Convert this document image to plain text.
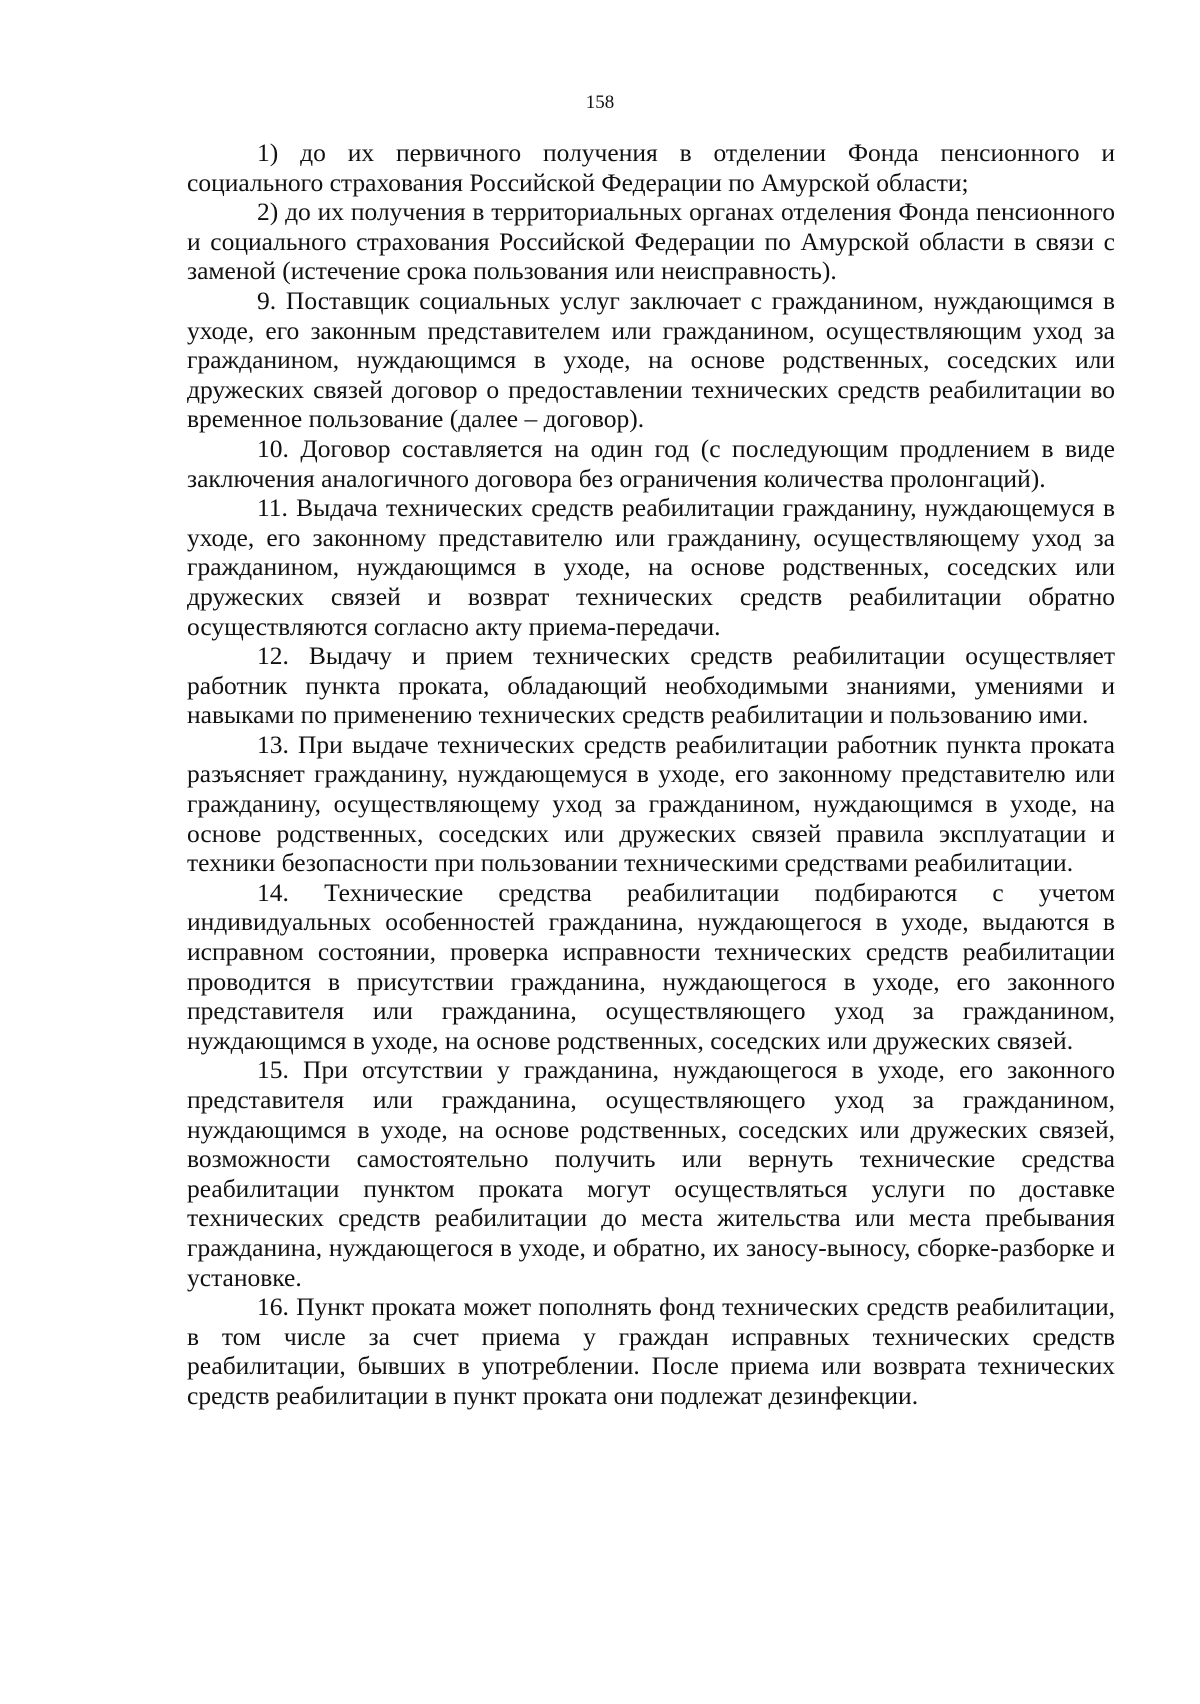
158

1) до их первичного получения в отделении Фонда пенсионного и социального страхования Российской Федерации по Амурской области;

2) до их получения в территориальных органах отделения Фонда пенсионного и социального страхования Российской Федерации по Амурской области в связи с заменой (истечение срока пользования или неисправность).

9. Поставщик социальных услуг заключает с гражданином, нуждающимся в уходе, его законным представителем или гражданином, осуществляющим уход за гражданином, нуждающимся в уходе, на основе родственных, соседских или дружеских связей договор о предоставлении технических средств реабилитации во временное пользование (далее – договор).

10. Договор составляется на один год (с последующим продлением в виде заключения аналогичного договора без ограничения количества пролонгаций).

11. Выдача технических средств реабилитации гражданину, нуждающемуся в уходе, его законному представителю или гражданину, осуществляющему уход за гражданином, нуждающимся в уходе, на основе родственных, соседских или дружеских связей и возврат технических средств реабилитации обратно осуществляются согласно акту приема-передачи.

12. Выдачу и прием технических средств реабилитации осуществляет работник пункта проката, обладающий необходимыми знаниями, умениями и навыками по применению технических средств реабилитации и пользованию ими.

13. При выдаче технических средств реабилитации работник пункта проката разъясняет гражданину, нуждающемуся в уходе, его законному представителю или гражданину, осуществляющему уход за гражданином, нуждающимся в уходе, на основе родственных, соседских или дружеских связей правила эксплуатации и техники безопасности при пользовании техническими средствами реабилитации.

14. Технические средства реабилитации подбираются с учетом индивидуальных особенностей гражданина, нуждающегося в уходе, выдаются в исправном состоянии, проверка исправности технических средств реабилитации проводится в присутствии гражданина, нуждающегося в уходе, его законного представителя или гражданина, осуществляющего уход за гражданином, нуждающимся в уходе, на основе родственных, соседских или дружеских связей.

15. При отсутствии у гражданина, нуждающегося в уходе, его законного представителя или гражданина, осуществляющего уход за гражданином, нуждающимся в уходе, на основе родственных, соседских или дружеских связей, возможности самостоятельно получить или вернуть технические средства реабилитации пунктом проката могут осуществляться услуги по доставке технических средств реабилитации до места жительства или места пребывания гражданина, нуждающегося в уходе, и обратно, их заносу-выносу, сборке-разборке и установке.

16. Пункт проката может пополнять фонд технических средств реабилитации, в том числе за счет приема у граждан исправных технических средств реабилитации, бывших в употреблении. После приема или возврата технических средств реабилитации в пункт проката они подлежат дезинфекции.
